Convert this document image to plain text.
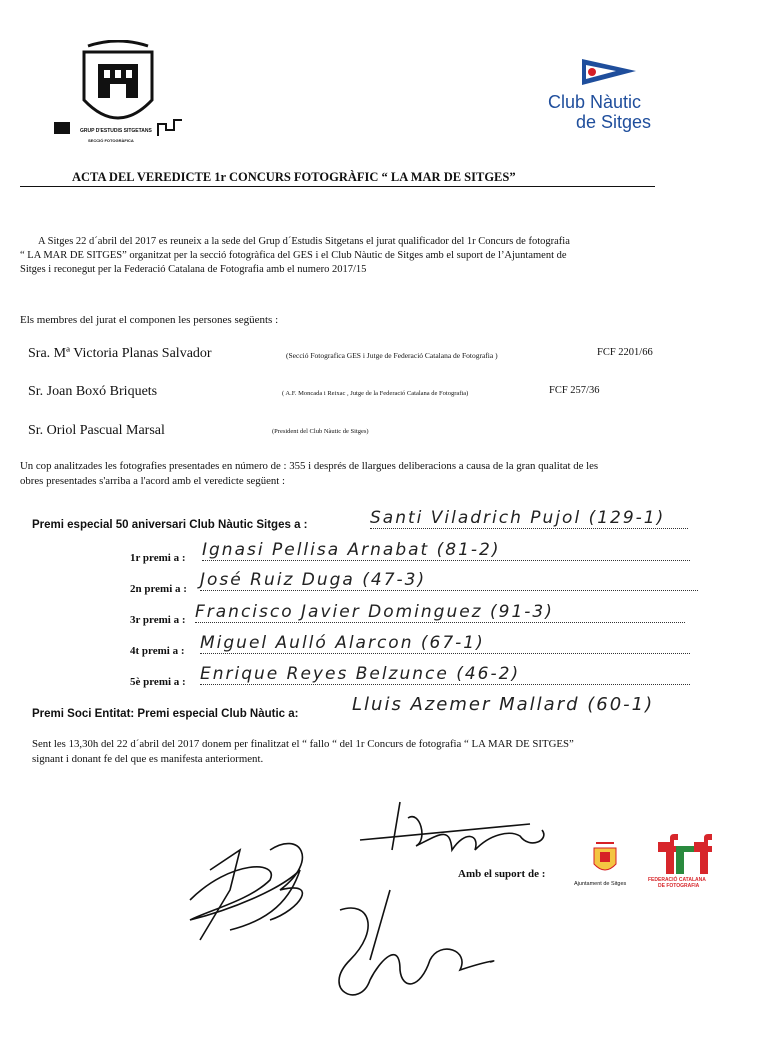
GRUP D'ESTUDIS SITGETANS
SECCIÓ FOTOGRÀFICA
Club Nàutic
de Sitges
ACTA DEL VEREDICTE 1r CONCURS FOTOGRÀFIC “ LA MAR DE SITGES”
A Sitges 22 d´abril del 2017 es reuneix a la sede del Grup d´Estudis Sitgetans el jurat qualificador del 1r Concurs de fotografia
“ LA MAR DE SITGES” organitzat per la secció fotogràfica del GES i el Club Nàutic de Sitges amb el suport de l’Ajuntament de
Sitges i reconegut per la Federació Catalana de Fotografia amb el numero 2017/15
Els membres del jurat el componen les persones següents :
Sra. Mª Victoria Planas Salvador	(Secció Fotografica GES i Jutge de Federació Catalana de Fotografia )	FCF 2201/66
Sr. Joan Boxó Briquets	( A.F. Moncada i Reixac , Jutge de la Federació Catalana de Fotografia)	FCF 257/36
Sr. Oriol Pascual Marsal	(President del Club Nàutic de Sitges)
Un cop analitzades les fotografies presentades en número de : 355 i després de llargues deliberacions a causa de la gran qualitat de les
obres presentades s'arriba a l'acord amb el veredicte següent :
Premi especial 50 aniversari Club Nàutic Sitges a :	Santi Viladrich Pujol (129-1)
1r premi a : Ignasi Pellisa Arnabat (81-2)
2n premi a : José Ruiz Duga (47-3)
3r premi a : Francisco Javier Dominguez (91-3)
4t premi a : Miguel Aulló Alarcon (67-1)
5è premi a : Enrique Reyes Belzunce (46-2)
Premi Soci Entitat: Premi especial Club Nàutic a:	Lluis Azemer Mallard (60-1)
Sent les 13,30h del 22 d´abril del 2017 donem per finalitzat el “ fallo “ del 1r Concurs de fotografia “ LA MAR DE SITGES”
signant i donant fe del que es manifesta anteriorment.
Amb el suport de :
Ajuntament de Sitges
FEDERACIÓ CATALANA
DE FOTOGRAFIA
